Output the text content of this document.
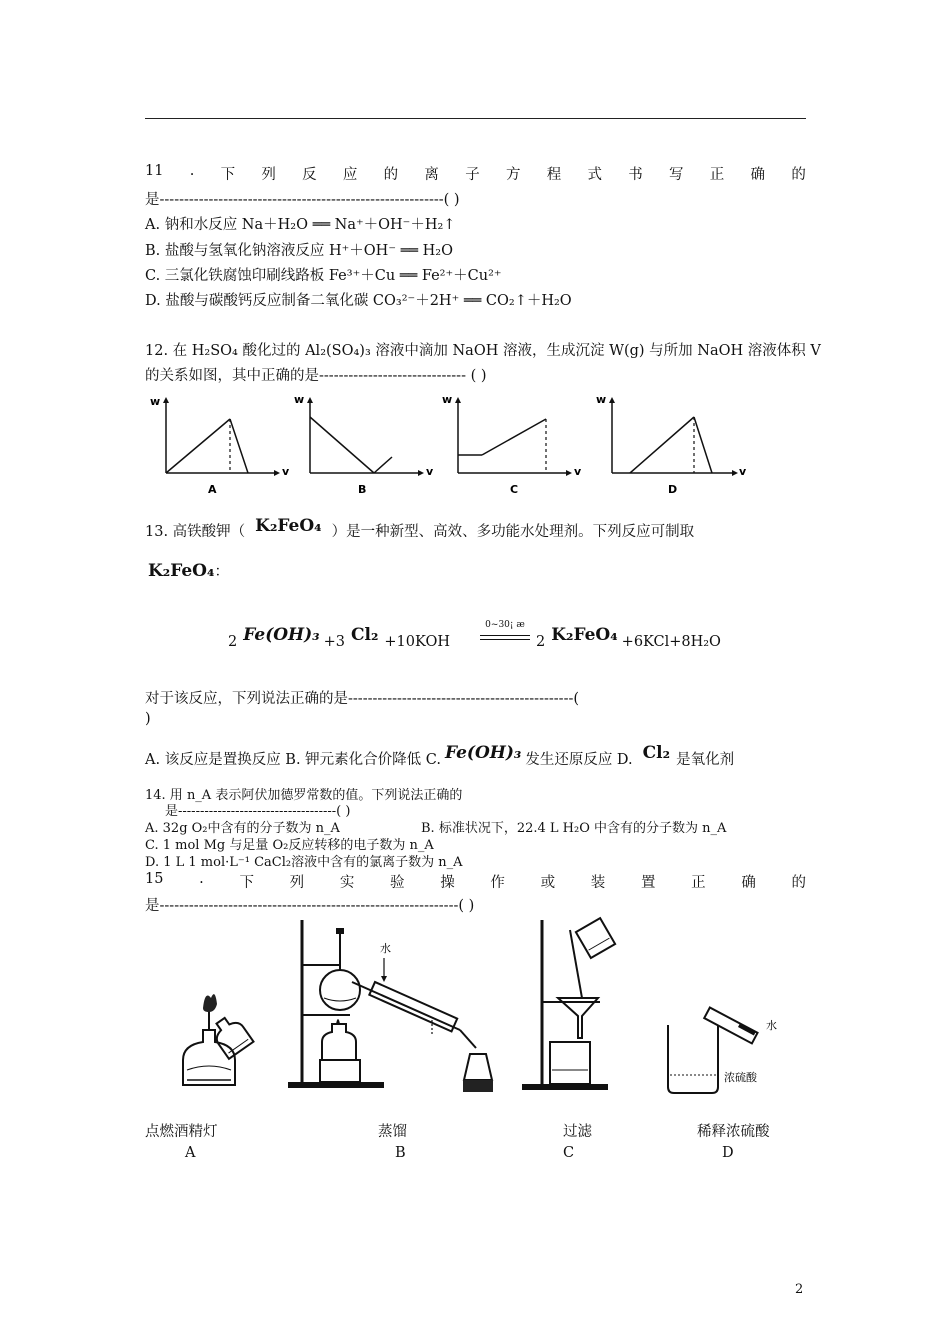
11 . 下 列 反 应 的 离 子 方 程 式 书 写 正 确 的
是----------------------------------------------------------( )
A. 钠和水反应 Na＋H₂O ══ Na⁺＋OH⁻＋H₂↑
B. 盐酸与氢氧化钠溶液反应 H⁺＋OH⁻ ══ H₂O
C. 三氯化铁腐蚀印刷线路板 Fe³⁺＋Cu ══ Fe²⁺＋Cu²⁺
D. 盐酸与碳酸钙反应制备二氧化碳 CO₃²⁻＋2H⁺ ══ CO₂↑＋H₂O
12. 在 H₂SO₄ 酸化过的 Al₂(SO₄)₃ 溶液中滴加 NaOH 溶液，生成沉淀 W(g) 与所加 NaOH 溶液体积 V
的关系如图，其中正确的是------------------------------ ( )
w
v
A
w
v
B
w
v
C
w
v
D
13. 高铁酸钾（ K₂FeO₄ ）是一种新型、高效、多功能水处理剂。下列反应可制取
K₂FeO₄：
2 Fe(OH)₃ +3 Cl₂ +10KOH
0~30¡ æ
2 K₂FeO₄ +6KCl+8H₂O
对于该反应，下列说法正确的是----------------------------------------------(
)
A. 该反应是置换反应 B. 钾元素化合价降低 C. Fe(OH)₃ 发生还原反应 D. Cl₂ 是氧化剂
14. 用 n_A 表示阿伏加德罗常数的值。下列说法正确的
是------------------------------------( )
A. 32g O₂中含有的分子数为 n_A	B. 标准状况下，22.4 L H₂O 中含有的分子数为 n_A
C. 1 mol Mg 与足量 O₂反应转移的电子数为 n_A
D. 1 L 1 mol·L⁻¹ CaCl₂溶液中含有的氯离子数为 n_A
15 . 下 列 实 验 操 作 或 装 置 正 确 的
是-------------------------------------------------------------( )
水
水
浓硫酸
点燃酒精灯	蒸馏	过滤	稀释浓硫酸
A	B	C	D
2
